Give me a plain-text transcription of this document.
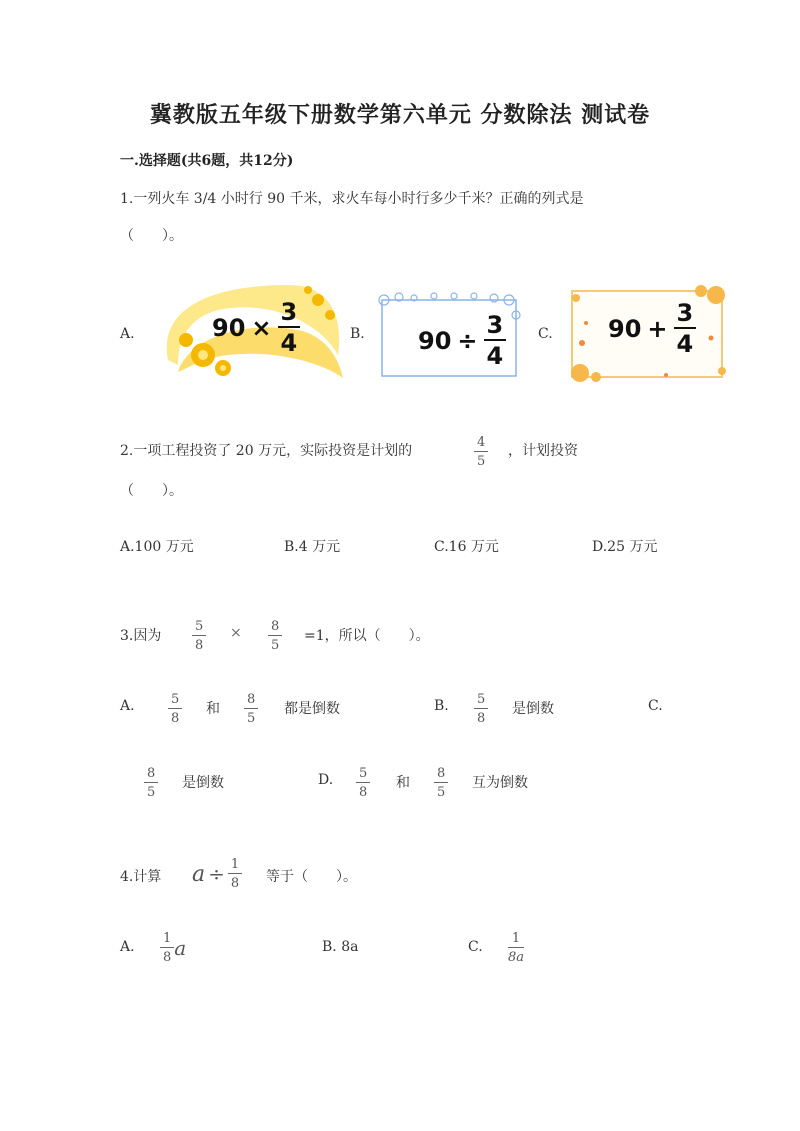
冀教版五年级下册数学第六单元 分数除法 测试卷
一.选择题(共6题，共12分)
1.一列火车 3/4 小时行 90 千米，求火车每小时行多少千米？正确的列式是
（　　）。
A.	$90 \times \frac{3}{4}$	B. $90 \div \frac{3}{4} C$. $90 + \frac{3}{4}$
2.一项工程投资了 20 万元，实际投资是计划的
4
5
，计划投资
（　　）。
A.100 万元	B.4 万元	C.16 万元	D.25 万元
3.因为
5
8
× 8
5
=1，所以（　　）。
A.	5
8
和
8
5
都是倒数	B. 5
8
是倒数	C.
8
5
是倒数	D. 5
8
和
8
5
互为倒数
4.计算 $a \div \frac{1}{8}$ 等于（　　）。
A. $\frac{1}{8}$ a	B. 8a	C.
1
8a
